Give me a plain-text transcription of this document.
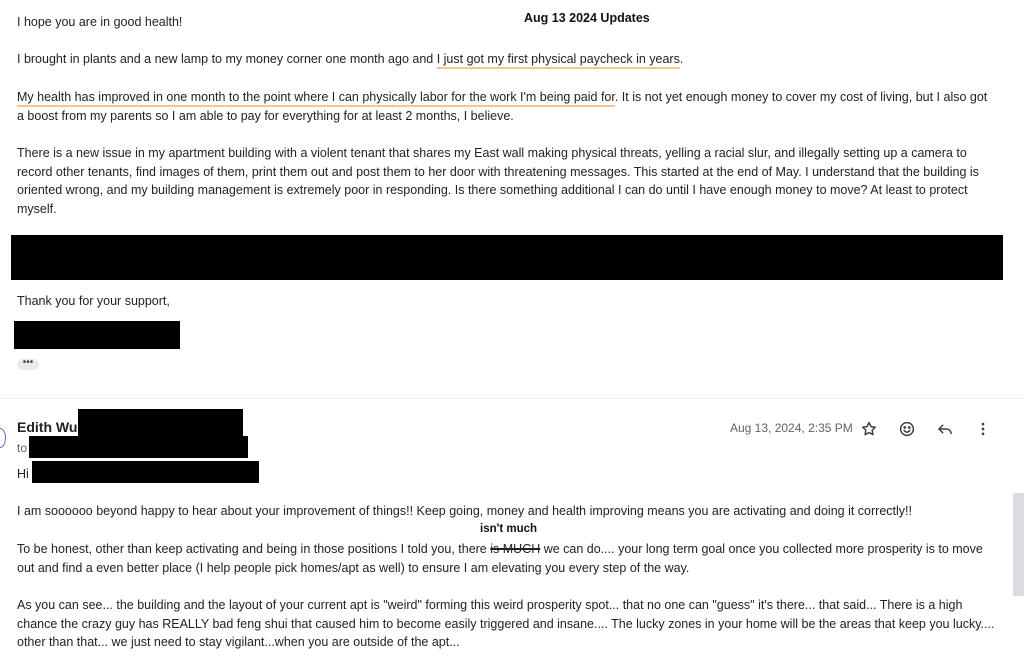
Aug 13 2024 Updates
I hope you are in good health!
I brought in plants and a new lamp to my money corner one month ago and I just got my first physical paycheck in years.
My health has improved in one month to the point where I can physically labor for the work I'm being paid for. It is not yet enough money to cover my cost of living, but I also got a boost from my parents so I am able to pay for everything for at least 2 months, I believe.
There is a new issue in my apartment building with a violent tenant that shares my East wall making physical threats, yelling a racial slur, and illegally setting up a camera to record other tenants, find images of them, print them out and post them to her door with threatening messages. This started at the end of May. I understand that the building is oriented wrong, and my building management is extremely poor in responding. Is there something additional I can do until I have enough money to move? At least to protect myself.
Thank you for your support,
•••
Edith Wu
to
Aug 13, 2024, 2:35 PM
Hi
I am soooooo beyond happy to hear about your improvement of things!! Keep going, money and health improving means you are activating and doing it correctly!!
isn't much
To be honest, other than keep activating and being in those positions I told you, there is MUCH we can do.... your long term goal once you collected more prosperity is to move out and find a even better place (I help people pick homes/apt as well) to ensure I am elevating you every step of the way.
As you can see... the building and the layout of your current apt is "weird" forming this weird prosperity spot... that no one can "guess" it's there... that said... There is a high chance the crazy guy has REALLY bad feng shui that caused him to become easily triggered and insane.... The lucky zones in your home will be the areas that keep you lucky.... other than that... we just need to stay vigilant...when you are outside of the apt...
